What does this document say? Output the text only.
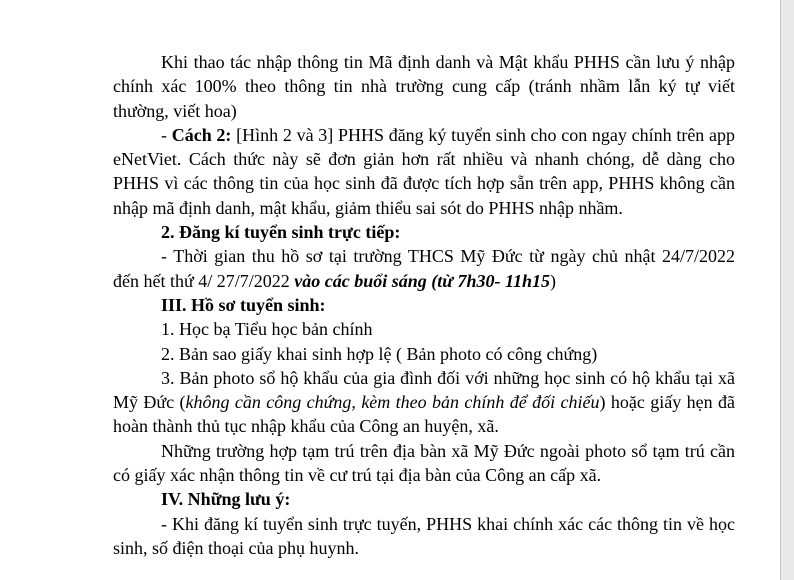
Khi thao tác nhập thông tin Mã định danh và Mật khẩu PHHS cần lưu ý nhập chính xác 100% theo thông tin nhà trường cung cấp (tránh nhầm lẫn ký tự viết thường, viết hoa)

- Cách 2: [Hình 2 và 3] PHHS đăng ký tuyển sinh cho con ngay chính trên app eNetViet. Cách thức này sẽ đơn giản hơn rất nhiều và nhanh chóng, dễ dàng cho PHHS vì các thông tin của học sinh đã được tích hợp sẵn trên app, PHHS không cần nhập mã định danh, mật khẩu, giảm thiểu sai sót do PHHS nhập nhầm.

2. Đăng kí tuyển sinh trực tiếp:

- Thời gian thu hồ sơ tại trường THCS Mỹ Đức từ ngày chủ nhật 24/7/2022 đến hết thứ 4/ 27/7/2022 vào các buổi sáng (từ 7h30- 11h15)

III. Hồ sơ tuyển sinh:

1. Học bạ Tiểu học bản chính

2. Bản sao giấy khai sinh hợp lệ ( Bản photo có công chứng)

3. Bản photo sổ hộ khẩu của gia đình đối với những học sinh có hộ khẩu tại xã Mỹ Đức (không cần công chứng, kèm theo bản chính để đối chiếu) hoặc giấy hẹn đã hoàn thành thủ tục nhập khẩu của Công an huyện, xã.

Những trường hợp tạm trú trên địa bàn xã Mỹ Đức ngoài photo sổ tạm trú cần có giấy xác nhận thông tin về cư trú tại địa bàn của Công an cấp xã.

IV. Những lưu ý:

- Khi đăng kí tuyển sinh trực tuyến, PHHS khai chính xác các thông tin về học sinh, số điện thoại của phụ huynh.
